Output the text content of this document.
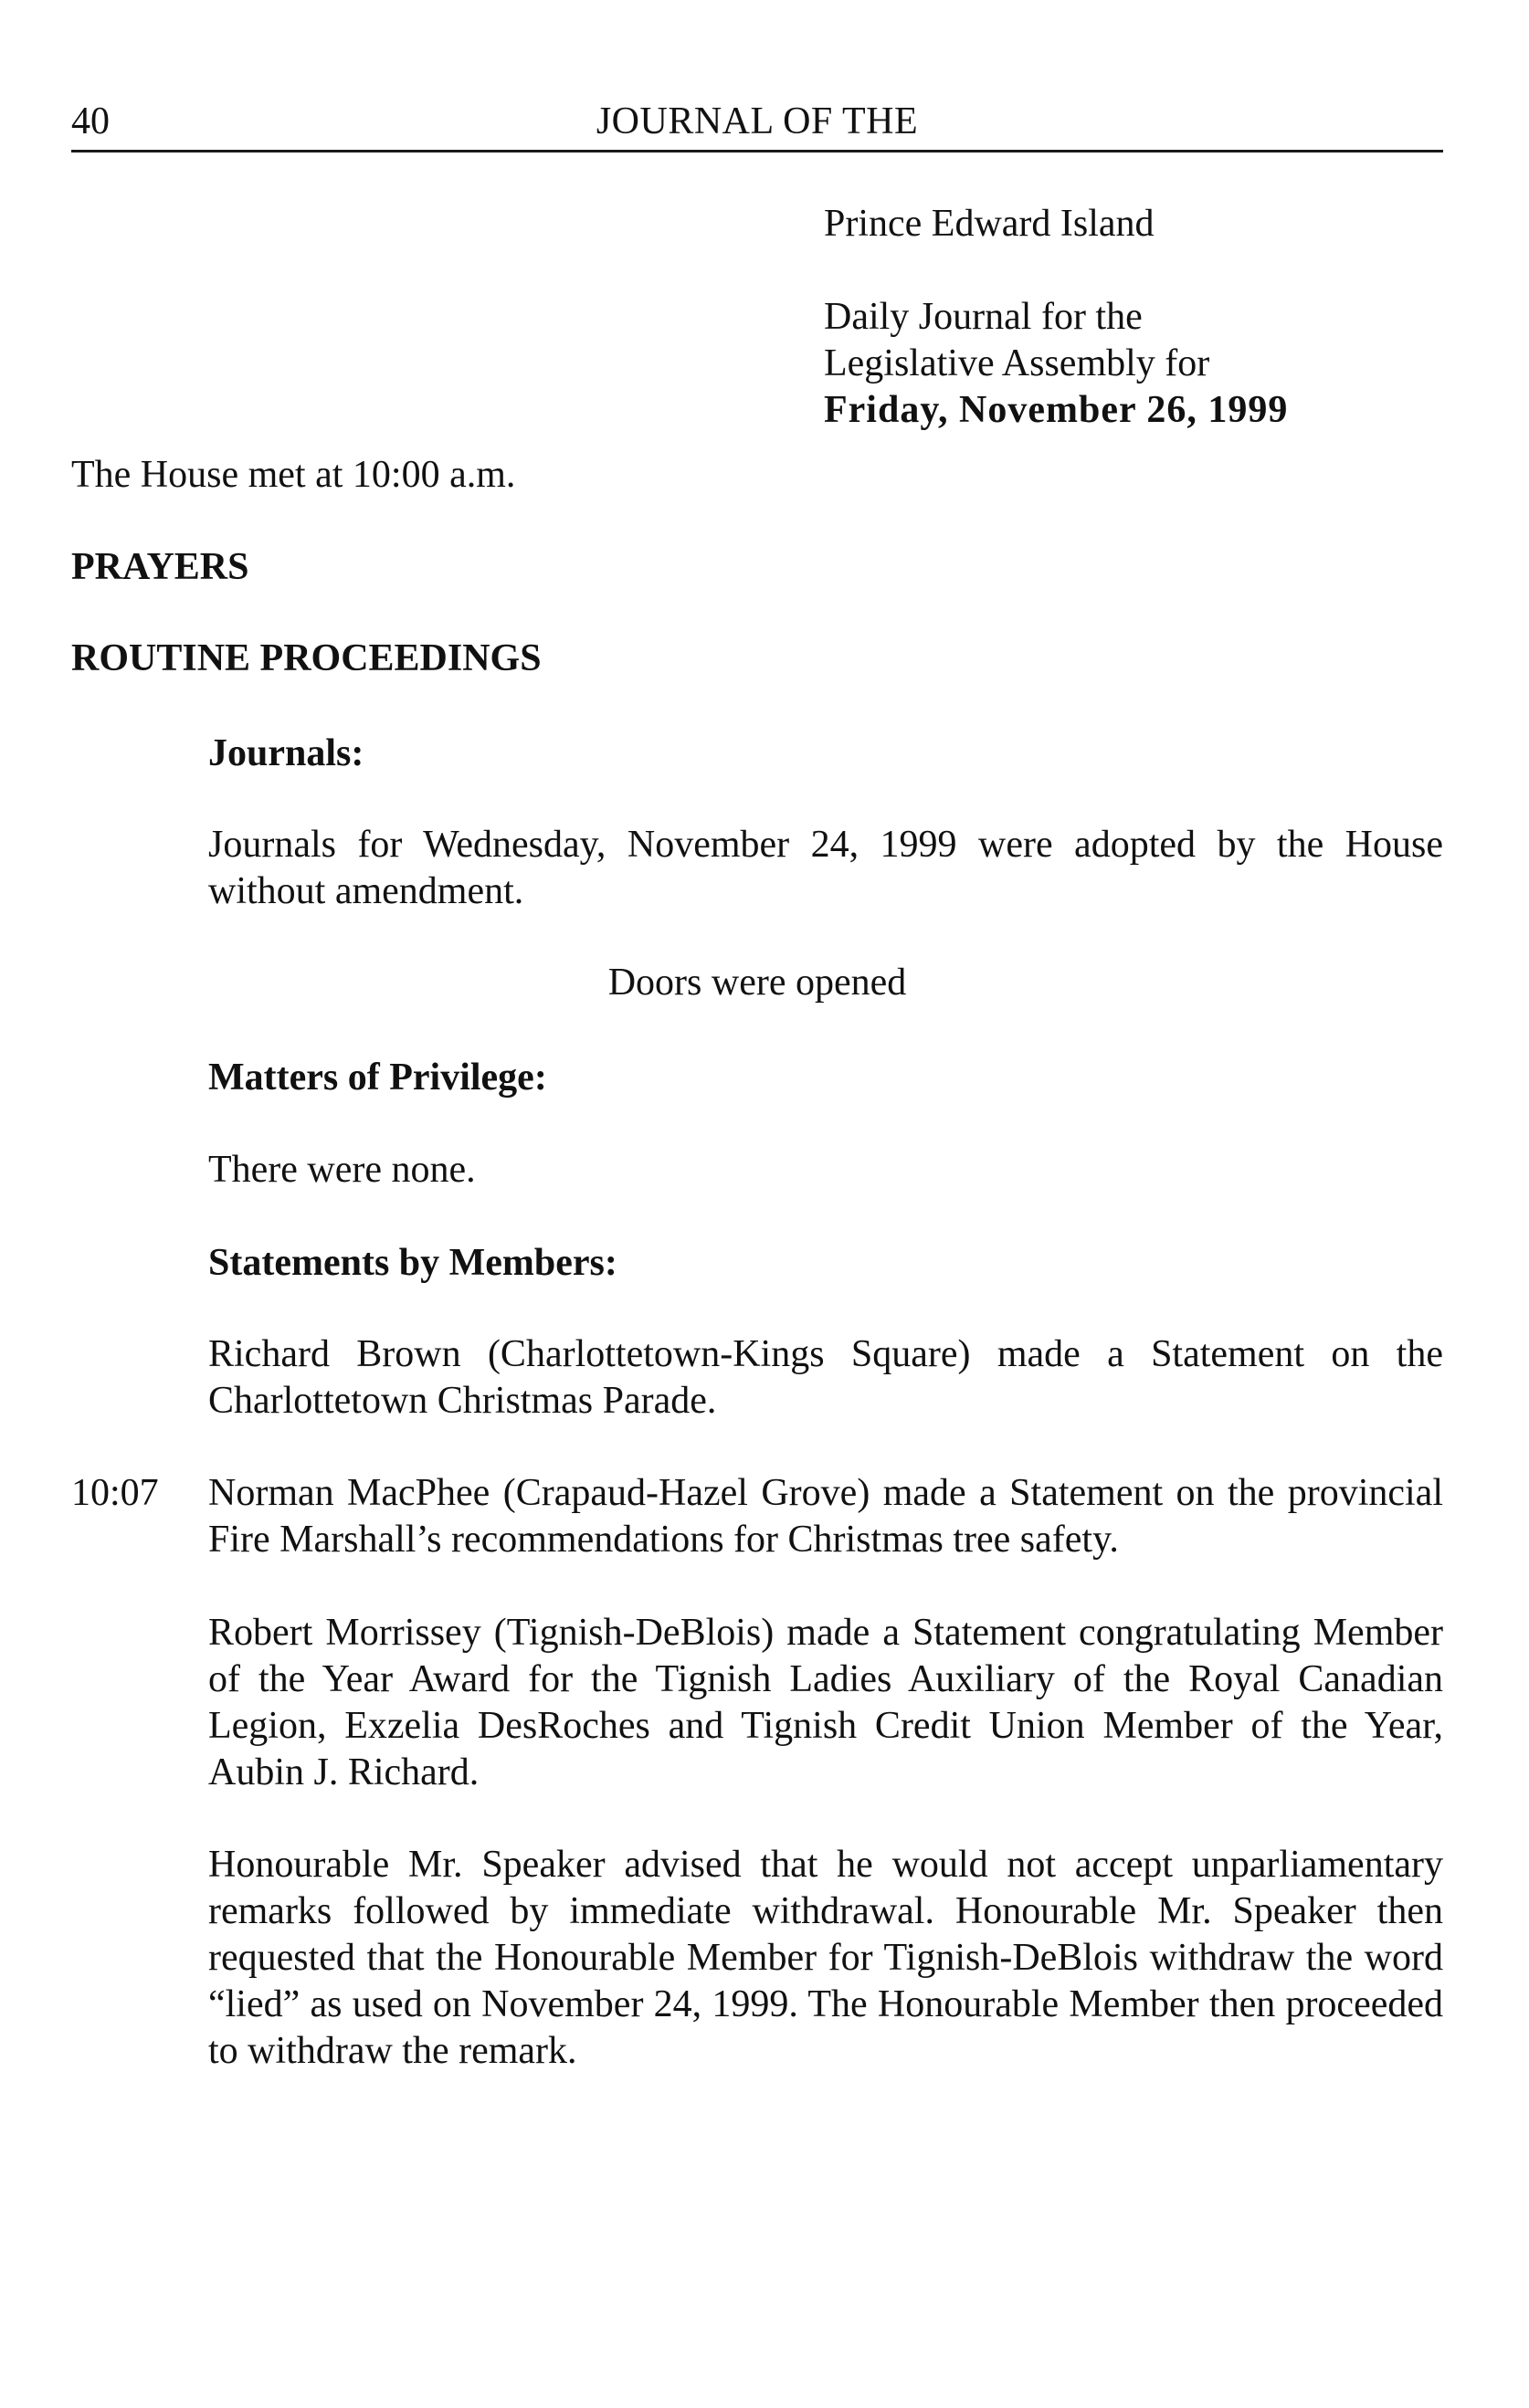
40	JOURNAL OF THE

Prince Edward Island

Daily Journal for the

Legislative Assembly for

Friday, November 26, 1999

The House met at 10:00 a.m.

PRAYERS

ROUTINE PROCEEDINGS

Journals:

Journals for Wednesday, November 24, 1999 were adopted by the House without amendment.

Doors were opened

Matters of Privilege:

There were none.

Statements by Members:

Richard Brown (Charlottetown-Kings Square) made a Statement on the Charlottetown Christmas Parade.

10:07 Norman MacPhee (Crapaud-Hazel Grove) made a Statement on the provincial Fire Marshall’s recommendations for Christmas tree safety.

Robert Morrissey (Tignish-DeBlois) made a Statement congratulating Member of the Year Award for the Tignish Ladies Auxiliary of the Royal Canadian Legion, Exzelia DesRoches and Tignish Credit Union Member of the Year, Aubin J. Richard.

Honourable Mr. Speaker advised that he would not accept unparliamentary remarks followed by immediate withdrawal. Honourable Mr. Speaker then requested that the Honourable Member for Tignish-DeBlois withdraw the word “lied” as used on November 24, 1999. The Honourable Member then proceeded to withdraw the remark.
